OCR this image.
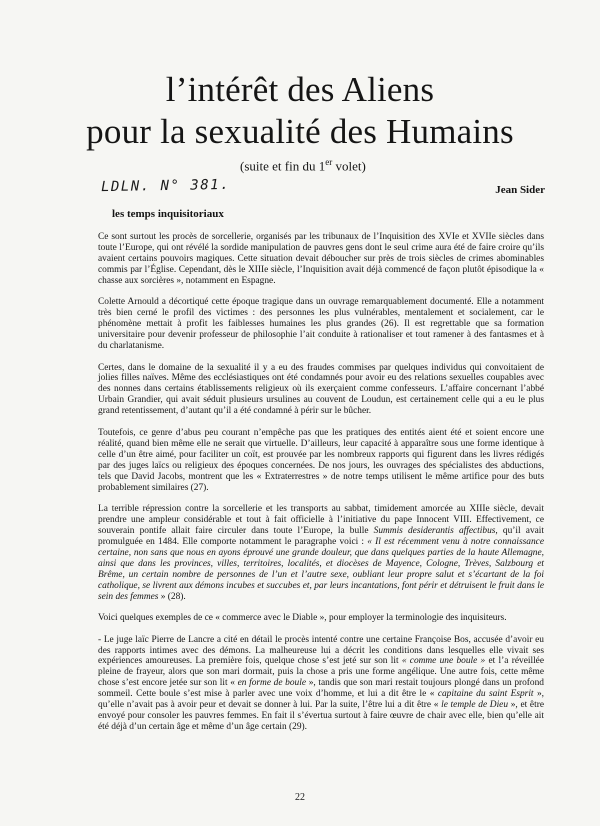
l’intérêt des Aliens
pour la sexualité des Humains
(suite et fin du 1er volet)
LDLN. N° 381.	Jean Sider
les temps inquisitoriaux

Ce sont surtout les procès de sorcellerie, organisés par les tribunaux de l’Inquisition des XVIe et XVIIe siècles dans toute l’Europe, qui ont révélé la sordide manipulation de pauvres gens dont le seul crime aura été de faire croire qu’ils avaient certains pouvoirs magiques. Cette situation devait déboucher sur près de trois siècles de crimes abominables commis par l’Église. Cependant, dès le XIIIe siècle, l’Inquisition avait déjà commencé de façon plutôt épisodique la « chasse aux sorcières », notamment en Espagne.

Colette Arnould a décortiqué cette époque tragique dans un ouvrage remarquablement documenté. Elle a notamment très bien cerné le profil des victimes : des personnes les plus vulnérables, mentalement et socialement, car le phénomène mettait à profit les faiblesses humaines les plus grandes (26). Il est regrettable que sa formation universitaire pour devenir professeur de philosophie l’ait conduite à rationaliser et tout ramener à des fantasmes et à du charlatanisme.

Certes, dans le domaine de la sexualité il y a eu des fraudes commises par quelques individus qui convoitaient de jolies filles naïves. Même des ecclésiastiques ont été condamnés pour avoir eu des relations sexuelles coupables avec des nonnes dans certains établissements religieux où ils exerçaient comme confesseurs. L’affaire concernant l’abbé Urbain Grandier, qui avait séduit plusieurs ursulines au couvent de Loudun, est certainement celle qui a eu le plus grand retentissement, d’autant qu’il a été condamné à périr sur le bûcher.

Toutefois, ce genre d’abus peu courant n’empêche pas que les pratiques des entités aient été et soient encore une réalité, quand bien même elle ne serait que virtuelle. D’ailleurs, leur capacité à apparaître sous une forme identique à celle d’un être aimé, pour faciliter un coït, est prouvée par les nombreux rapports qui figurent dans les livres rédigés par des juges laïcs ou religieux des époques concernées. De nos jours, les ouvrages des spécialistes des abductions, tels que David Jacobs, montrent que les « Extraterrestres » de notre temps utilisent le même artifice pour des buts probablement similaires (27).

La terrible répression contre la sorcellerie et les transports au sabbat, timidement amorcée au XIIIe siècle, devait prendre une ampleur considérable et tout à fait officielle à l’initiative du pape Innocent VIII. Effectivement, ce souverain pontife allait faire circuler dans toute l’Europe, la bulle Summis desiderantis affectibus, qu’il avait promulguée en 1484. Elle comporte notamment le paragraphe voici : « Il est récemment venu à notre connaissance certaine, non sans que nous en ayons éprouvé une grande douleur, que dans quelques parties de la haute Allemagne, ainsi que dans les provinces, villes, territoires, localités, et diocèses de Mayence, Cologne, Trèves, Salzbourg et Brême, un certain nombre de personnes de l’un et l’autre sexe, oubliant leur propre salut et s’écartant de la foi catholique, se livrent aux démons incubes et succubes et, par leurs incantations, font périr et détruisent le fruit dans le sein des femmes » (28).

Voici quelques exemples de ce « commerce avec le Diable », pour employer la terminologie des inquisiteurs.

- Le juge laïc Pierre de Lancre a cité en détail le procès intenté contre une certaine Françoise Bos, accusée d’avoir eu des rapports intimes avec des démons. La malheureuse lui a décrit les conditions dans lesquelles elle vivait ses expériences amoureuses. La première fois, quelque chose s’est jeté sur son lit « comme une boule » et l’a réveillée pleine de frayeur, alors que son mari dormait, puis la chose a pris une forme angélique. Une autre fois, cette même chose s’est encore jetée sur son lit « en forme de boule », tandis que son mari restait toujours plongé dans un profond sommeil. Cette boule s’est mise à parler avec une voix d’homme, et lui a dit être le « capitaine du saint Esprit », qu’elle n’avait pas à avoir peur et devait se donner à lui. Par la suite, l’être lui a dit être « le temple de Dieu », et être envoyé pour consoler les pauvres femmes. En fait il s’évertua surtout à faire œuvre de chair avec elle, bien qu’elle ait été déjà d’un certain âge et même d’un âge certain (29).

22
